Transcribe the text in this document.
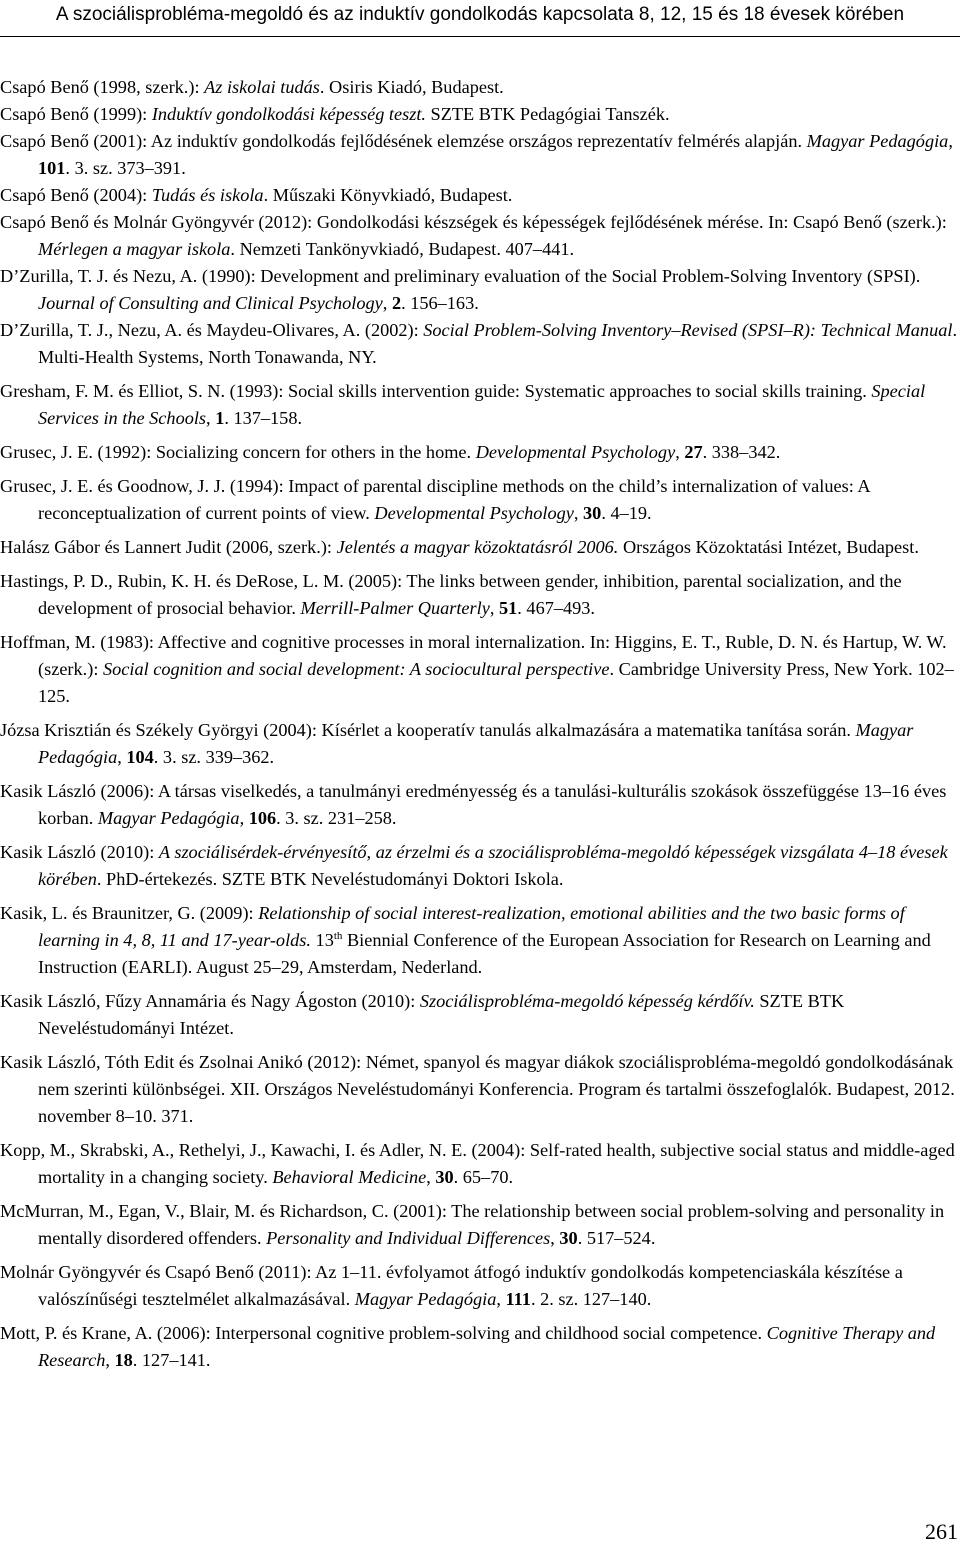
A szociálisprobléma-megoldó és az induktív gondolkodás kapcsolata 8, 12, 15 és 18 évesek körében
Csapó Benő (1998, szerk.): Az iskolai tudás. Osiris Kiadó, Budapest.
Csapó Benő (1999): Induktív gondolkodási képesség teszt. SZTE BTK Pedagógiai Tanszék.
Csapó Benő (2001): Az induktív gondolkodás fejlődésének elemzése országos reprezentatív felmérés alapján. Magyar Pedagógia, 101. 3. sz. 373–391.
Csapó Benő (2004): Tudás és iskola. Műszaki Könyvkiadó, Budapest.
Csapó Benő és Molnár Gyöngyvér (2012): Gondolkodási készségek és képességek fejlődésének mérése. In: Csapó Benő (szerk.): Mérlegen a magyar iskola. Nemzeti Tankönyvkiadó, Budapest. 407–441.
D’Zurilla, T. J. és Nezu, A. (1990): Development and preliminary evaluation of the Social Problem-Solving Inventory (SPSI). Journal of Consulting and Clinical Psychology, 2. 156–163.
D’Zurilla, T. J., Nezu, A. és Maydeu-Olivares, A. (2002): Social Problem-Solving Inventory–Revised (SPSI–R): Technical Manual. Multi-Health Systems, North Tonawanda, NY.
Gresham, F. M. és Elliot, S. N. (1993): Social skills intervention guide: Systematic approaches to social skills training. Special Services in the Schools, 1. 137–158.
Grusec, J. E. (1992): Socializing concern for others in the home. Developmental Psychology, 27. 338–342.
Grusec, J. E. és Goodnow, J. J. (1994): Impact of parental discipline methods on the child’s internalization of values: A reconceptualization of current points of view. Developmental Psychology, 30. 4–19.
Halász Gábor és Lannert Judit (2006, szerk.): Jelentés a magyar közoktatásról 2006. Országos Közoktatási Intézet, Budapest.
Hastings, P. D., Rubin, K. H. és DeRose, L. M. (2005): The links between gender, inhibition, parental socialization, and the development of prosocial behavior. Merrill-Palmer Quarterly, 51. 467–493.
Hoffman, M. (1983): Affective and cognitive processes in moral internalization. In: Higgins, E. T., Ruble, D. N. és Hartup, W. W. (szerk.): Social cognition and social development: A sociocultural perspective. Cambridge University Press, New York. 102–125.
Józsa Krisztián és Székely Györgyi (2004): Kísérlet a kooperatív tanulás alkalmazására a matematika tanítása során. Magyar Pedagógia, 104. 3. sz. 339–362.
Kasik László (2006): A társas viselkedés, a tanulmányi eredményesség és a tanulási-kulturális szokások összefüggése 13–16 éves korban. Magyar Pedagógia, 106. 3. sz. 231–258.
Kasik László (2010): A szociálisérdek-érvényesítő, az érzelmi és a szociálisprobléma-megoldó képességek vizsgálata 4–18 évesek körében. PhD-értekezés. SZTE BTK Neveléstudományi Doktori Iskola.
Kasik, L. és Braunitzer, G. (2009): Relationship of social interest-realization, emotional abilities and the two basic forms of learning in 4, 8, 11 and 17-year-olds. 13th Biennial Conference of the European Association for Research on Learning and Instruction (EARLI). August 25–29, Amsterdam, Nederland.
Kasik László, Fűzy Annamária és Nagy Ágoston (2010): Szociálisprobléma-megoldó képesség kérdőív. SZTE BTK Neveléstudományi Intézet.
Kasik László, Tóth Edit és Zsolnai Anikó (2012): Német, spanyol és magyar diákok szociálisprobléma-megoldó gondolkodásának nem szerinti különbségei. XII. Országos Neveléstudományi Konferencia. Program és tartalmi összefoglalók. Budapest, 2012. november 8–10. 371.
Kopp, M., Skrabski, A., Rethelyi, J., Kawachi, I. és Adler, N. E. (2004): Self-rated health, subjective social status and middle-aged mortality in a changing society. Behavioral Medicine, 30. 65–70.
McMurran, M., Egan, V., Blair, M. és Richardson, C. (2001): The relationship between social problem-solving and personality in mentally disordered offenders. Personality and Individual Differences, 30. 517–524.
Molnár Gyöngyvér és Csapó Benő (2011): Az 1–11. évfolyamot átfogó induktív gondolkodás kompetenciaskála készítése a valószínűségi tesztelmélet alkalmazásával. Magyar Pedagógia, 111. 2. sz. 127–140.
Mott, P. és Krane, A. (2006): Interpersonal cognitive problem-solving and childhood social competence. Cognitive Therapy and Research, 18. 127–141.
261
